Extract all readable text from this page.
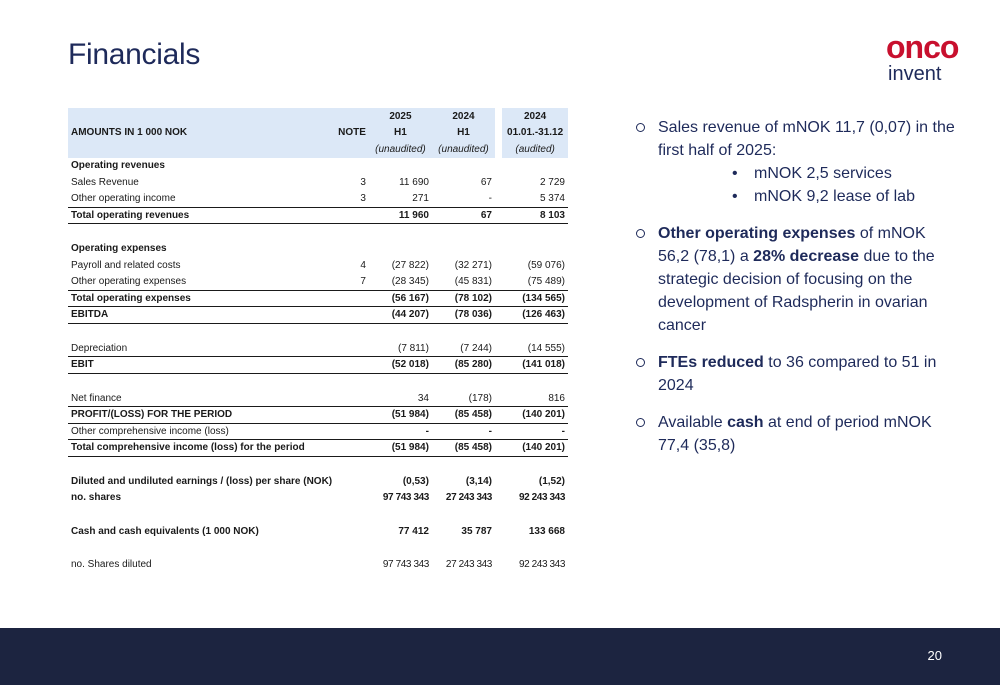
Financials	onco
invent
		2025	2024		2024
AMOUNTS IN 1 000 NOK	NOTE	H1	H1		01.01.-31.12
		(unaudited)	(unaudited)		(audited)
Operating revenues					
Sales Revenue	3	11 690	67		2 729
Other operating income	3	271	-		5 374
Total operating revenues		11 960	67		8 103

Operating expenses					
Payroll and related costs	4	(27 822)	(32 271)		(59 076)
Other operating expenses	7	(28 345)	(45 831)		(75 489)
Total operating expenses		(56 167)	(78 102)		(134 565)
EBITDA		(44 207)	(78 036)		(126 463)

Depreciation		(7 811)	(7 244)		(14 555)
EBIT		(52 018)	(85 280)		(141 018)

Net finance		34	(178)		816
PROFIT/(LOSS) FOR THE PERIOD		(51 984)	(85 458)		(140 201)
Other comprehensive income (loss)		-	-		-
Total comprehensive income (loss) for the period		(51 984)	(85 458)		(140 201)

Diluted and undiluted earnings / (loss) per share (NOK)		(0,53)	(3,14)		(1,52)
no. shares		97 743 343	27 243 343		92 243 343

Cash and cash equivalents (1 000 NOK)		77 412	35 787		133 668

no. Shares diluted		97 743 343	27 243 343		92 243 343
Sales revenue of mNOK 11,7 (0,07) in the first half of 2025:
• mNOK 2,5 services
• mNOK 9,2 lease of lab
Other operating expenses of mNOK 56,2 (78,1) a 28% decrease due to the strategic decision of focusing on the development of Radspherin in ovarian cancer
FTEs reduced to 36 compared to 51 in 2024
Available cash at end of period mNOK 77,4 (35,8)
20
